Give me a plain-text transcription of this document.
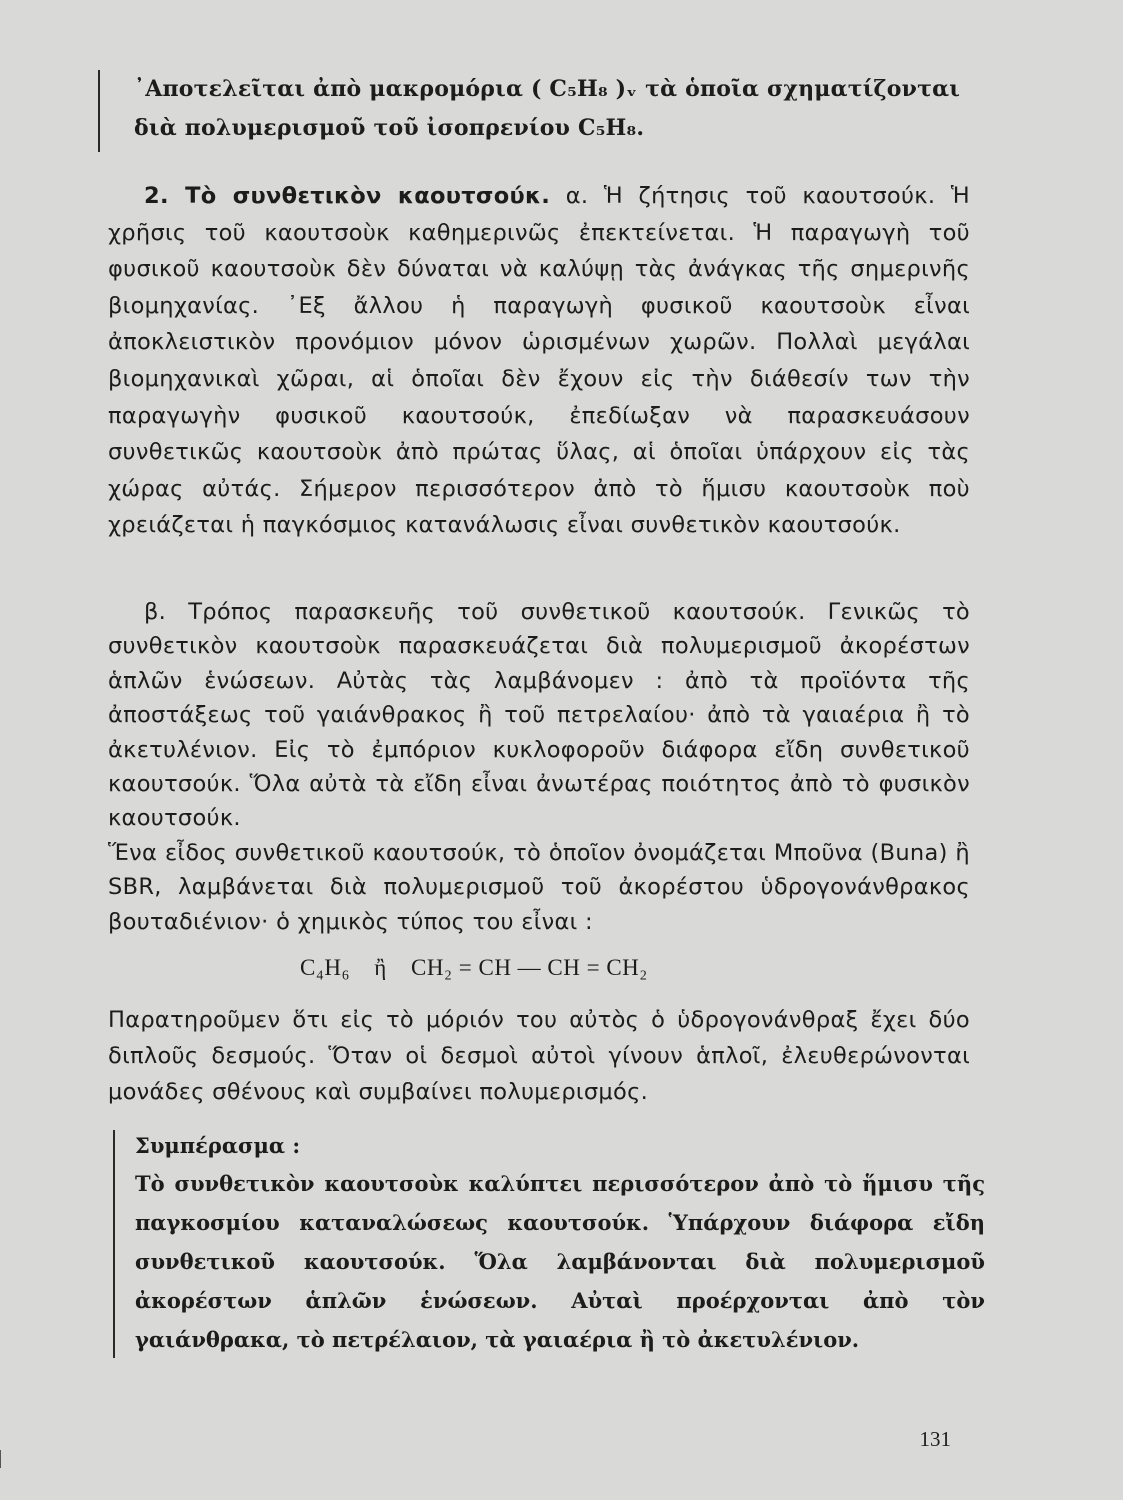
᾿Αποτελεῖται ἀπὸ μακρομόρια ( C₅H₈ )ᵥ τὰ ὁποῖα σχηματίζονται διὰ πολυμερισμοῦ τοῦ ἰσοπρενίου C₅H₈.

2. Τὸ συνθετικὸν καουτσούκ. α. Ἡ ζήτησις τοῦ καουτσούκ. Ἡ χρῆσις τοῦ καουτσοὺκ καθημερινῶς ἐπεκτείνεται. Ἡ παραγωγὴ τοῦ φυσικοῦ καουτσοὺκ δὲν δύναται νὰ καλύψῃ τὰς ἀνάγκας τῆς σημερινῆς βιομηχανίας. ᾿Εξ ἄλλου ἡ παραγωγὴ φυσικοῦ καουτσοὺκ εἶναι ἀποκλειστικὸν προνόμιον μόνον ὡρισμένων χωρῶν. Πολλαὶ μεγάλαι βιομηχανικαὶ χῶραι, αἱ ὁποῖαι δὲν ἔχουν εἰς τὴν διάθεσίν των τὴν παραγωγὴν φυσικοῦ καουτσούκ, ἐπεδίωξαν νὰ παρασκευάσουν συνθετικῶς καουτσοὺκ ἀπὸ πρώτας ὕλας, αἱ ὁποῖαι ὑπάρχουν εἰς τὰς χώρας αὐτάς. Σήμερον περισσότερον ἀπὸ τὸ ἥμισυ καουτσοὺκ ποὺ χρειάζεται ἡ παγκόσμιος κατανάλωσις εἶναι συνθετικὸν καουτσούκ.

β. Τρόπος παρασκευῆς τοῦ συνθετικοῦ καουτσούκ. Γενικῶς τὸ συνθετικὸν καουτσοὺκ παρασκευάζεται διὰ πολυμερισμοῦ ἀκορέστων ἁπλῶν ἑνώσεων. Αὐτὰς τὰς λαμβάνομεν : ἀπὸ τὰ προϊόντα τῆς ἀποστάξεως τοῦ γαιάνθρακος ἢ τοῦ πετρελαίου· ἀπὸ τὰ γαιαέρια ἢ τὸ ἀκετυλένιον. Εἰς τὸ ἐμπόριον κυκλοφοροῦν διάφορα εἴδη συνθετικοῦ καουτσούκ. Ὅλα αὐτὰ τὰ εἴδη εἶναι ἀνωτέρας ποιότητος ἀπὸ τὸ φυσικὸν καουτσούκ.

Ἕνα εἶδος συνθετικοῦ καουτσούκ, τὸ ὁποῖον ὀνομάζεται Μποῦνα (Buna) ἢ SBR, λαμβάνεται διὰ πολυμερισμοῦ τοῦ ἀκορέστου ὑδρογονάνθρακος βουταδιένιον· ὁ χημικὸς τύπος του εἶναι :

C₄H₆ ἢ CH₂ = CH — CH = CH₂

Παρατηροῦμεν ὅτι εἰς τὸ μόριόν του αὐτὸς ὁ ὑδρογονάνθραξ ἔχει δύο διπλοῦς δεσμούς. Ὅταν οἱ δεσμοὶ αὐτοὶ γίνουν ἁπλοῖ, ἐλευθερώνονται μονάδες σθένους καὶ συμβαίνει πολυμερισμός.

Συμπέρασμα :

Τὸ συνθετικὸν καουτσοὺκ καλύπτει περισσότερον ἀπὸ τὸ ἥμισυ τῆς παγκοσμίου καταναλώσεως καουτσούκ. Ὑπάρχουν διάφορα εἴδη συνθετικοῦ καουτσούκ. Ὅλα λαμβάνονται διὰ πολυμερισμοῦ ἀκορέστων ἁπλῶν ἑνώσεων. Αὐταὶ προέρχονται ἀπὸ τὸν γαιάνθρακα, τὸ πετρέλαιον, τὰ γαιαέρια ἢ τὸ ἀκετυλένιον.

131
